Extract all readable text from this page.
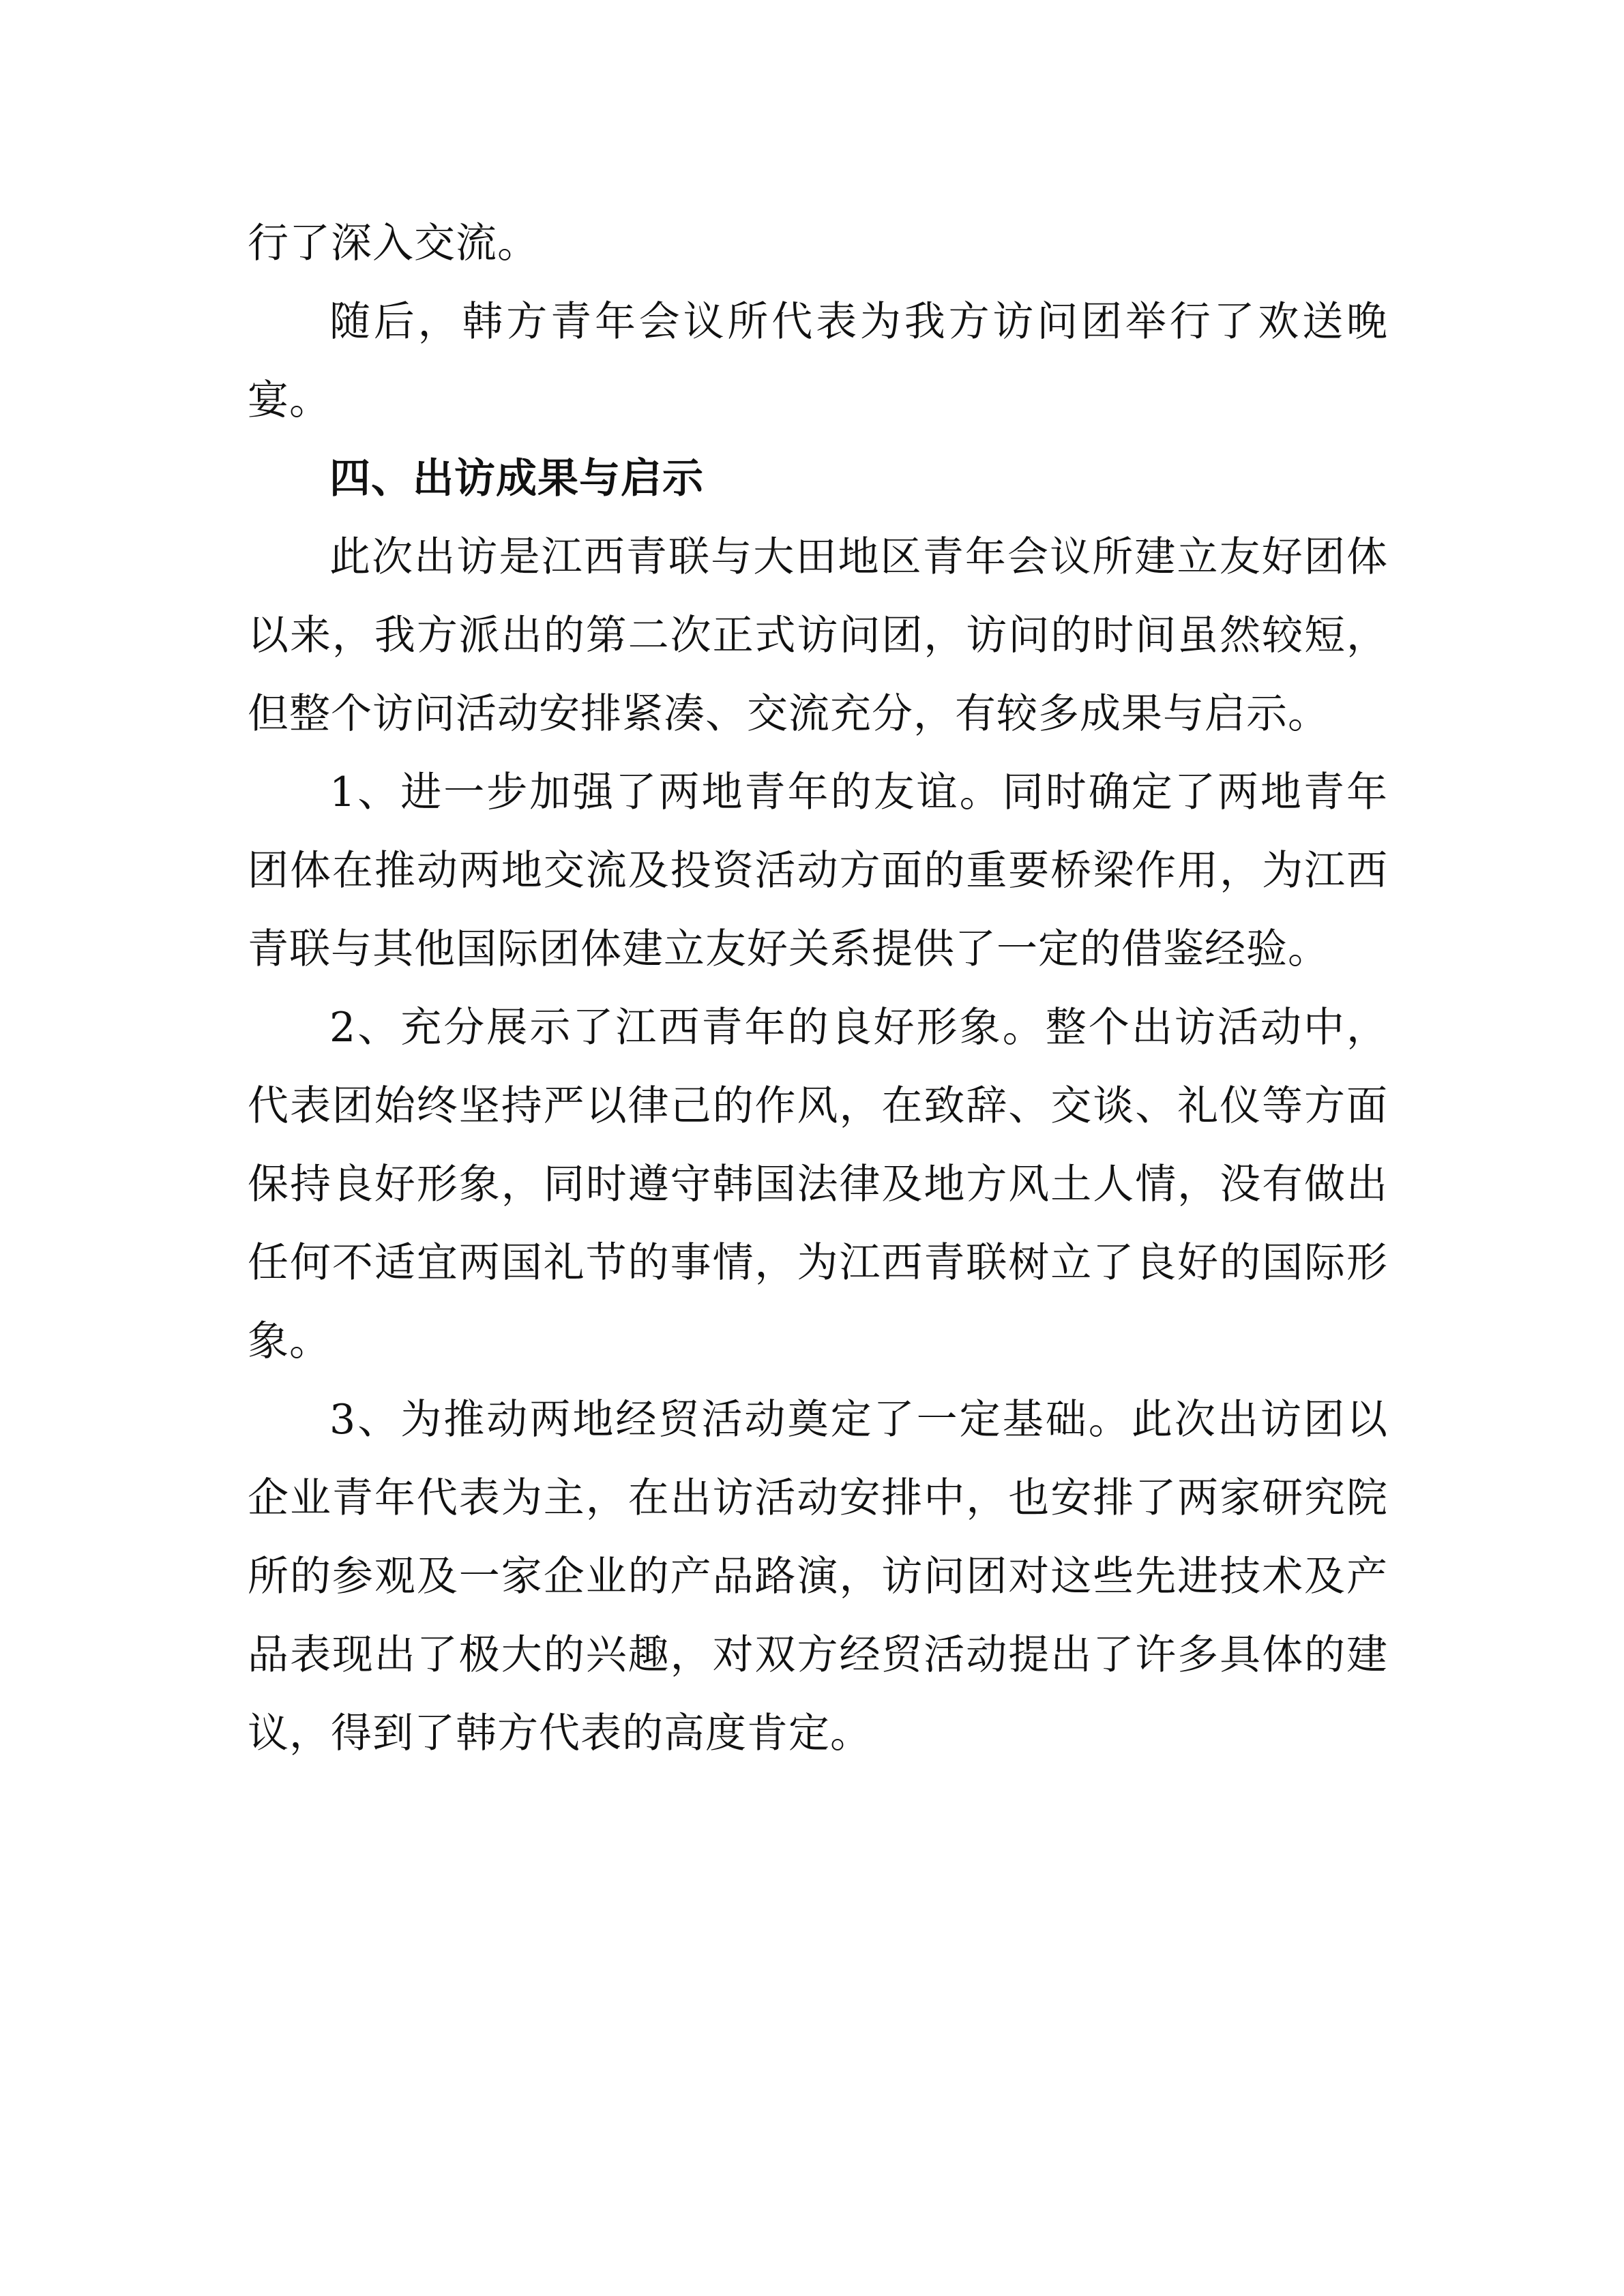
行了深入交流。

随后，韩方青年会议所代表为我方访问团举行了欢送晚宴。

四、出访成果与启示

此次出访是江西青联与大田地区青年会议所建立友好团体以来，我方派出的第二次正式访问团，访问的时间虽然较短，但整个访问活动安排紧凑、交流充分，有较多成果与启示。

1、进一步加强了两地青年的友谊。同时确定了两地青年团体在推动两地交流及投资活动方面的重要桥梁作用，为江西青联与其他国际团体建立友好关系提供了一定的借鉴经验。

2、充分展示了江西青年的良好形象。整个出访活动中，代表团始终坚持严以律己的作风，在致辞、交谈、礼仪等方面保持良好形象，同时遵守韩国法律及地方风土人情，没有做出任何不适宜两国礼节的事情，为江西青联树立了良好的国际形象。

3、为推动两地经贸活动奠定了一定基础。此次出访团以企业青年代表为主，在出访活动安排中，也安排了两家研究院所的参观及一家企业的产品路演，访问团对这些先进技术及产品表现出了极大的兴趣，对双方经贸活动提出了许多具体的建议，得到了韩方代表的高度肯定。
